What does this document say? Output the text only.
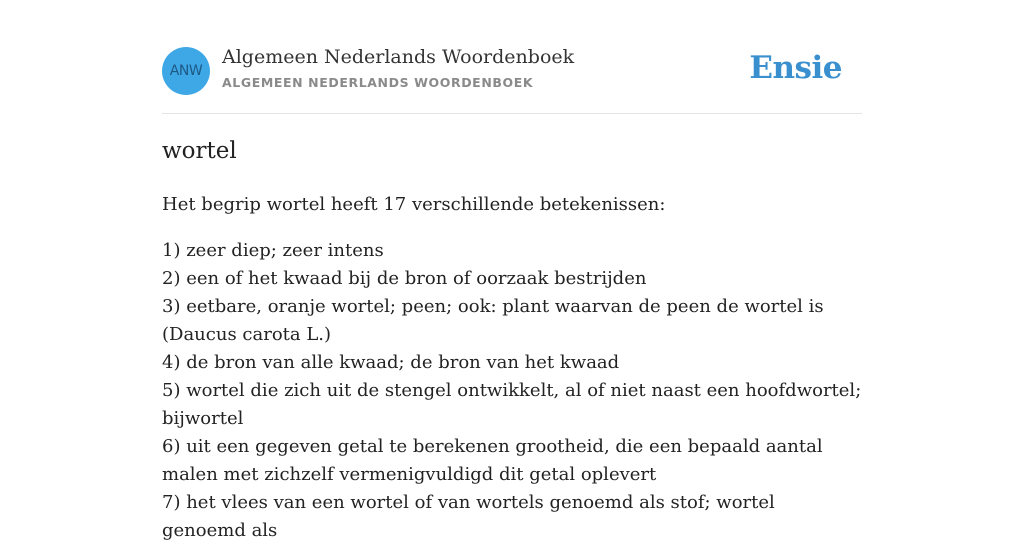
ANW
Algemeen Nederlands Woordenboek
ALGEMEEN NEDERLANDS WOORDENBOEK	Ensie
wortel

Het begrip wortel heeft 17 verschillende betekenissen:

1) zeer diep; zeer intens
2) een of het kwaad bij de bron of oorzaak bestrijden
3) eetbare, oranje wortel; peen; ook: plant waarvan de peen de wortel is (Daucus carota L.)
4) de bron van alle kwaad; de bron van het kwaad
5) wortel die zich uit de stengel ontwikkelt, al of niet naast een hoofdwortel; bijwortel
6) uit een gegeven getal te berekenen grootheid, die een bepaald aantal malen met zichzelf vermenigvuldigd dit getal oplevert
7) het vlees van een wortel of van wortels genoemd als stof; wortel genoemd als
